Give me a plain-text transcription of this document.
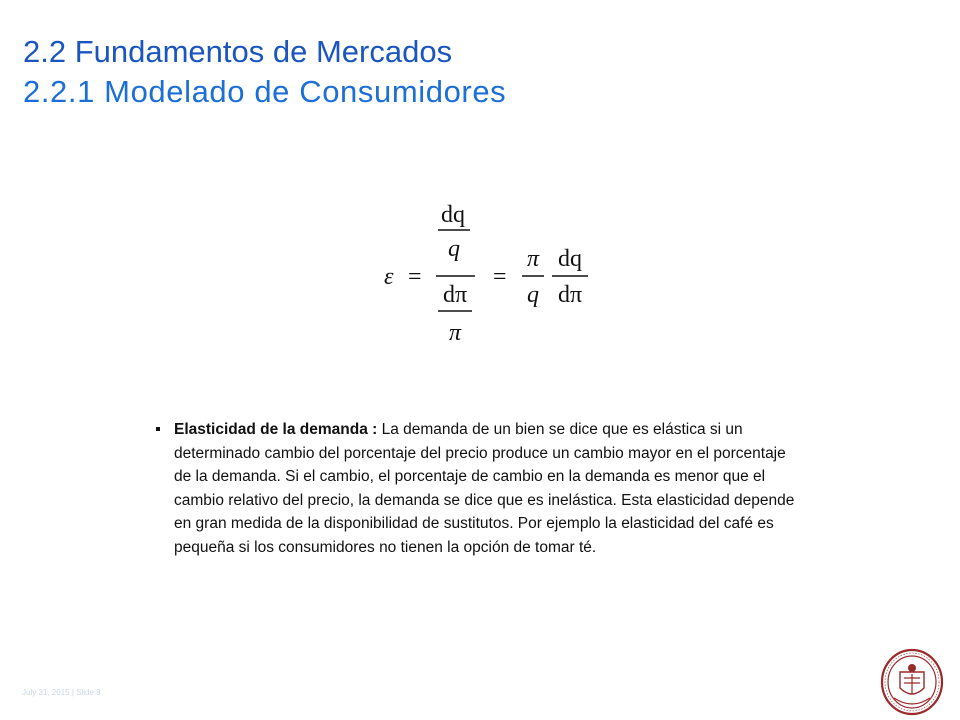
2.2 Fundamentos de Mercados
2.2.1 Modelado de Consumidores
ε =
dq
q
dπ
π
=
π
q
dq
dπ
Elasticidad de la demanda : La demanda de un bien se dice que es elástica si un determinado cambio del porcentaje del precio produce un cambio mayor en el porcentaje de la demanda. Si el cambio, el porcentaje de cambio en la demanda es menor que el cambio relativo del precio, la demanda se dice que es inelástica. Esta elasticidad depende en gran medida de la disponibilidad de sustitutos. Por ejemplo la elasticidad del café es pequeña si los consumidores no tienen la opción de tomar té.
July 31, 2015 | Slide 8
